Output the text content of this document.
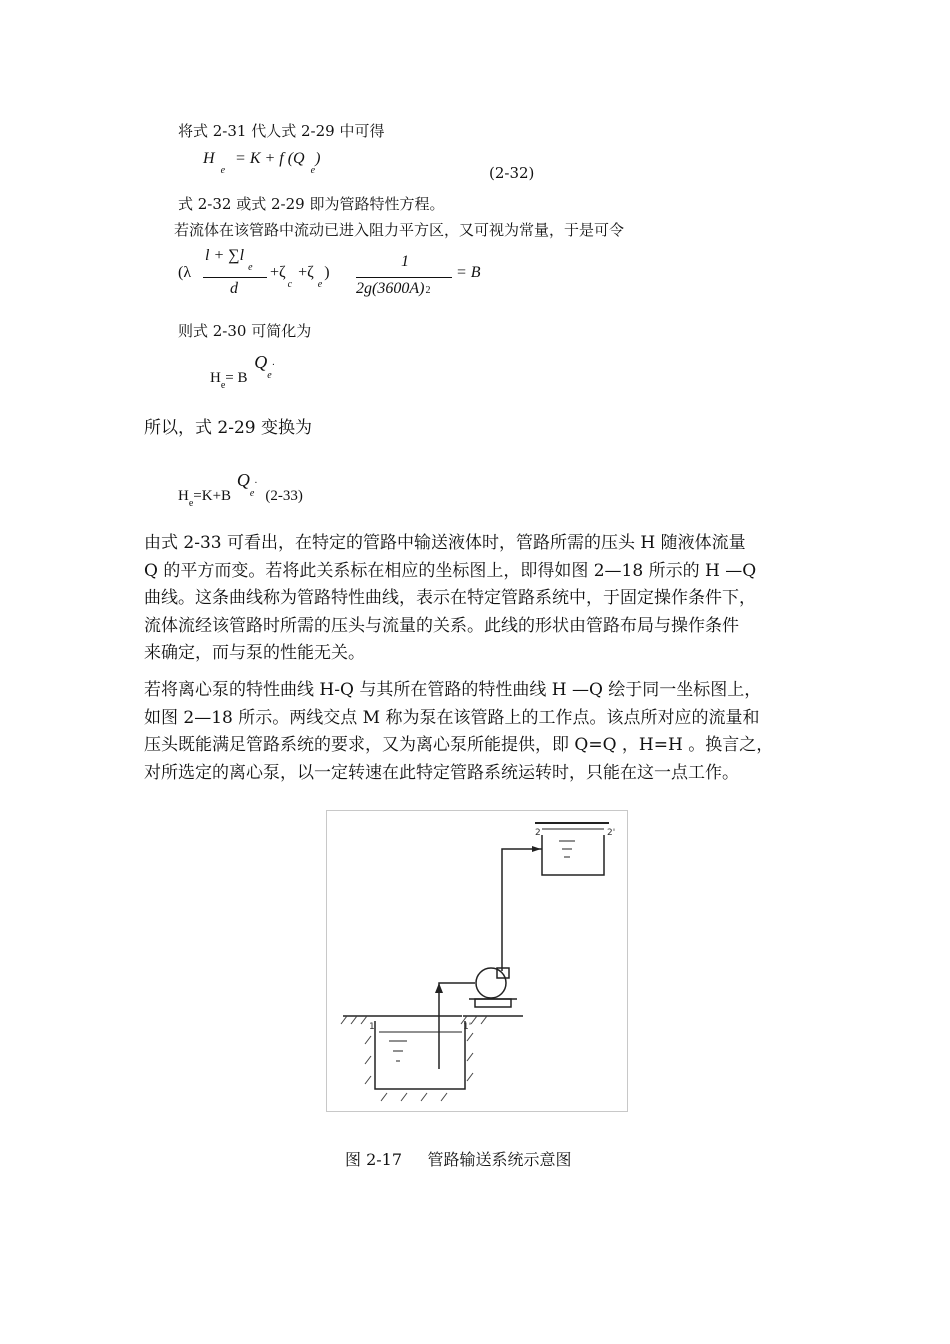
将式 2-31 代人式 2-29 中可得
$H_e= K + f$ $(Q_e)$
(2-32)
式 2-32 或式 2-29 即为管路特性方程。
若流体在该管路中流动已进入阻力平方区，又可视为常量，于是可令
(λ
$l + \sum l_e$
d
$+\zeta_c+\zeta_e$)
1
2g(3600A)2
= B
则式 2-30 可简化为
$H_e= B$ $Q_e\cdot$
所以，式 2-29 变换为
$H_e=K+B$ $Q_e\cdot (2-33)$

由式 2-33 可看出，在特定的管路中输送液体时，管路所需的压头 H 随液体流量

Q 的平方而变。若将此关系标在相应的坐标图上，即得如图 2—18 所示的 H —Q

曲线。这条曲线称为管路特性曲线，表示在特定管路系统中，于固定操作条件下，

流体流经该管路时所需的压头与流量的关系。此线的形状由管路布局与操作条件

来确定，而与泵的性能无关。

若将离心泵的特性曲线 H-Q 与其所在管路的特性曲线 H —Q 绘于同一坐标图上，

如图 2—18 所示。两线交点 M 称为泵在该管路上的工作点。该点所对应的流量和

压头既能满足管路系统的要求，又为离心泵所能提供，即 Q=Q ，H=H 。换言之，

对所选定的离心泵，以一定转速在此特定管路系统运转时，只能在这一点工作。

2	2'
1	1'
图 2-17     管路输送系统示意图
